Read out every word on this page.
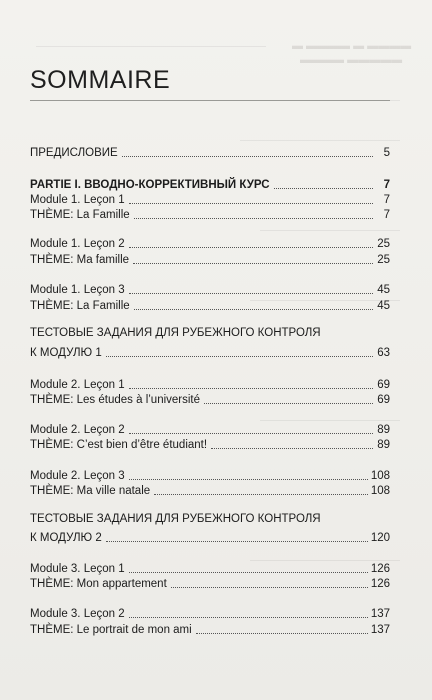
▬▬▬▬ ▬ ▬▬▬▬ ▬
▬▬▬▬▬ ▬▬▬▬
SOMMAIRE
ПРЕДИСЛОВИЕ	5
PARTIE I. ВВОДНО-КОРРЕКТИВНЫЙ КУРС	7
Module 1. Leçon 1	7
THÈME: La Famille	7
Module 1. Leçon 2	25
THÈME: Ma famille	25
Module 1. Leçon 3	45
THÈME: La Famille	45
ТЕСТОВЫЕ ЗАДАНИЯ ДЛЯ РУБЕЖНОГО КОНТРОЛЯ
К МОДУЛЮ 1	63
Module 2. Leçon 1	69
THÈME: Les études à l’université	69
Module 2. Leçon 2	89
THÈME: C’est bien d’être étudiant!	89
Module 2. Leçon 3	108
THÈME: Ma ville natale	108
ТЕСТОВЫЕ ЗАДАНИЯ ДЛЯ РУБЕЖНОГО КОНТРОЛЯ
К МОДУЛЮ 2	120
Module 3. Leçon 1	126
THÈME: Mon appartement	126
Module 3. Leçon 2	137
THÈME: Le portrait de mon ami	137
